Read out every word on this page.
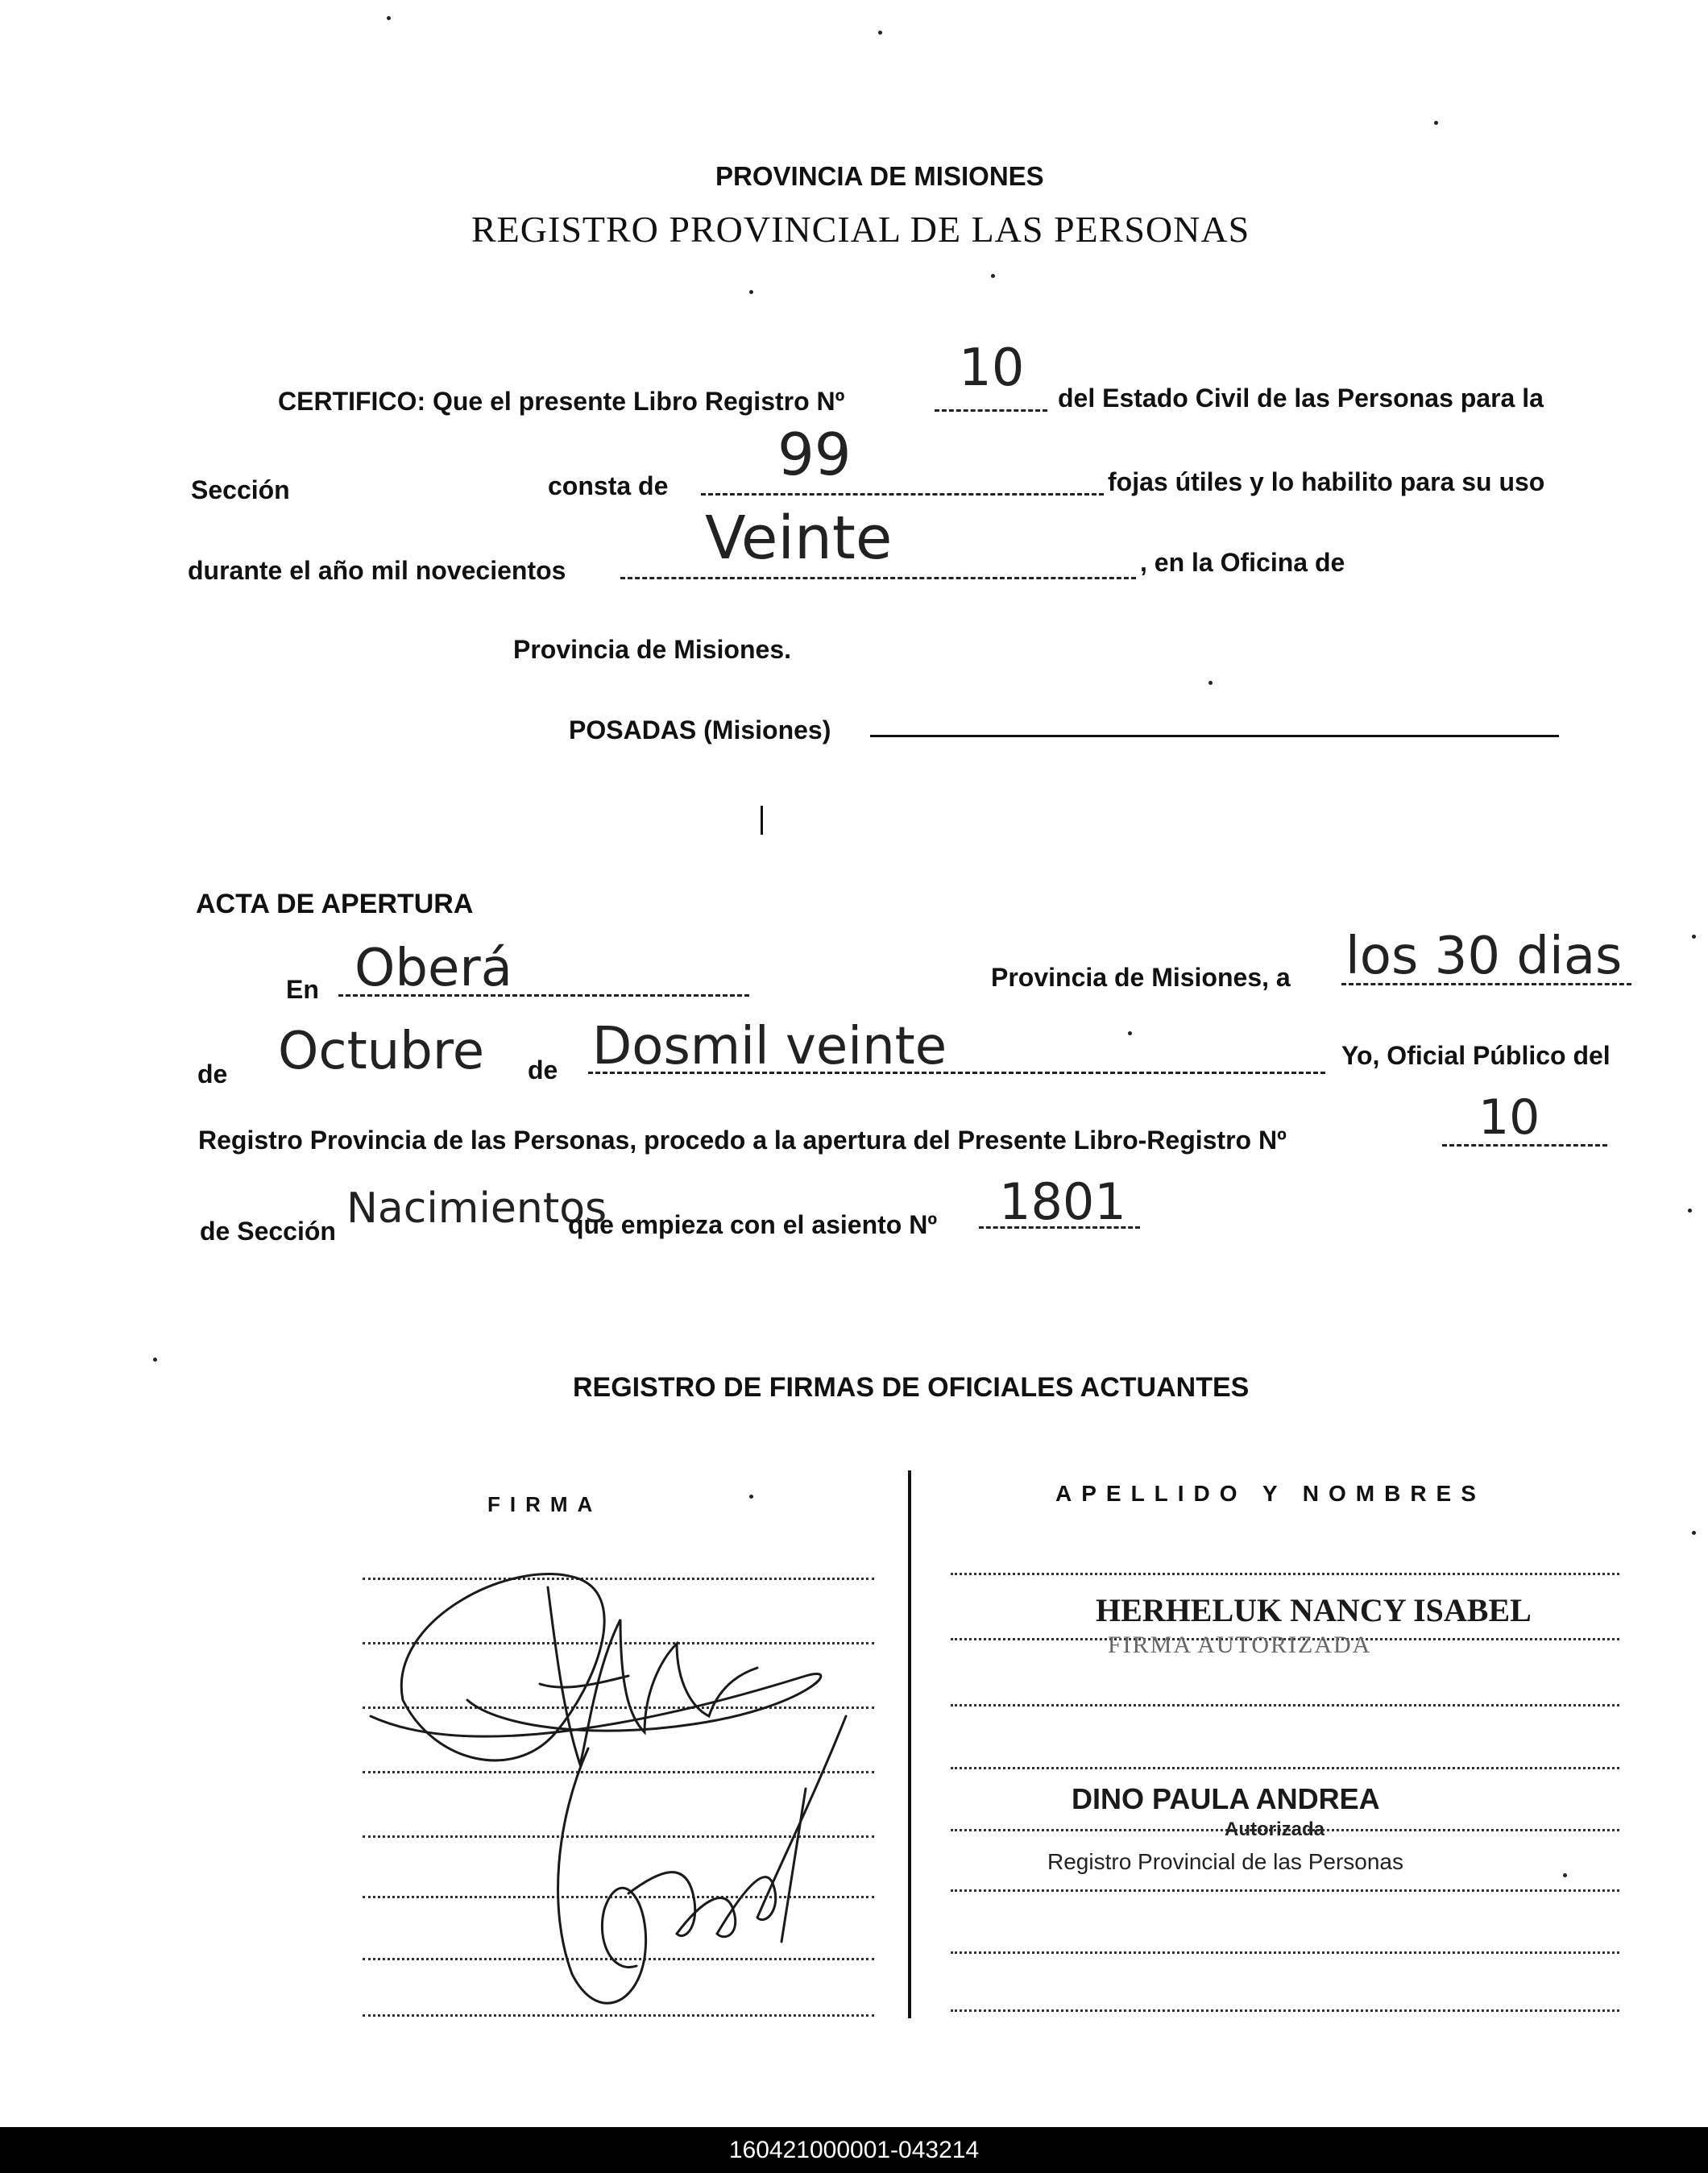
PROVINCIA DE MISIONES
REGISTRO PROVINCIAL DE LAS PERSONAS
CERTIFICO: Que el presente Libro Registro Nº
10 del Estado Civil de las Personas para la
Sección	consta de 99	fojas útiles y lo habilito para su uso
durante el año mil novecientos Veinte	, en la Oficina de
Provincia de Misiones.
POSADAS (Misiones)
ACTA DE APERTURA
En Oberá	Provincia de Misiones, a los 30 dias
de Octubre de Dosmil veinte	Yo, Oficial Público del
Registro Provincia de las Personas, procedo a la apertura del Presente Libro-Registro Nº	10
de Sección Nacimientos
que empieza con el asiento Nº 1801
REGISTRO DE FIRMAS DE OFICIALES ACTUANTES
FIRMA	APELLIDO Y NOMBRES
HERHELUK NANCY ISABEL
FIRMA AUTORIZADA
DINO PAULA ANDREA
Autorizada
Registro Provincial de las Personas
160421000001-043214
